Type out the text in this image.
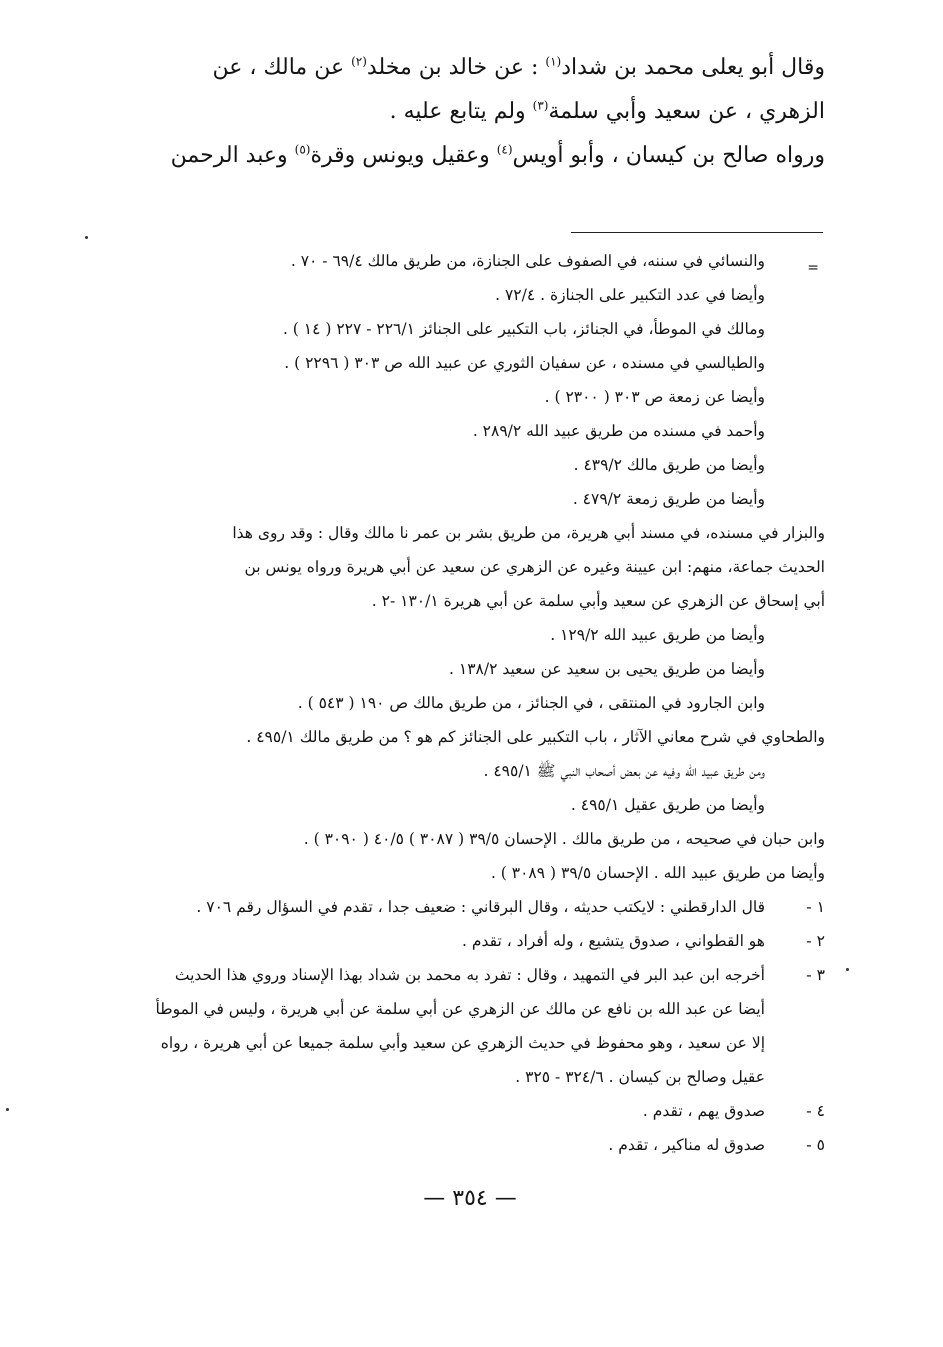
وقال أبو يعلى محمد بن شداد$^{(١)}$ : عن خالد بن مخلد$^{(٢)}$ عن مالك ، عن
الزهري ، عن سعيد وأبي سلمة$^{(٣)}$ ولم يتابع عليه .
ورواه صالح بن كيسان ، وأبو أويس$^{(٤)}$ وعقيل ويونس وقرة$^{(٥)}$ وعبد الرحمن
=
والنسائي في سننه، في الصفوف على الجنازة، من طريق مالك ٦٩/٤ - ٧٠ .
وأيضا في عدد التكبير على الجنازة . ٧٢/٤ .
ومالك في الموطأ، في الجنائز، باب التكبير على الجنائز ٢٢٦/١ - ٢٢٧ ( ١٤ ) .
والطيالسي في مسنده ، عن سفيان الثوري عن عبيد الله ص ٣٠٣ ( ٢٢٩٦ ) .
وأيضا عن زمعة ص ٣٠٣ ( ٢٣٠٠ ) .
وأحمد في مسنده من طريق عبيد الله ٢٨٩/٢ .
وأيضا من طريق مالك ٤٣٩/٢ .
وأيضا من طريق زمعة ٤٧٩/٢ .
والبزار في مسنده، في مسند أبي هريرة، من طريق بشر بن عمر نا مالك وقال : وقد روى هذا
الحديث جماعة، منهم: ابن عيينة وغيره عن الزهري عن سعيد عن أبي هريرة ورواه يونس بن
أبي إسحاق عن الزهري عن سعيد وأبي سلمة عن أبي هريرة ١٣٠/١ -٢ .
وأيضا من طريق عبيد الله ١٢٩/٢ .
وأيضا من طريق يحيى بن سعيد عن سعيد ١٣٨/٢ .
وابن الجارود في المنتقى ، في الجنائز ، من طريق مالك ص ١٩٠ ( ٥٤٣ ) .
والطحاوي في شرح معاني الآثار ، باب التكبير على الجنائز كم هو ؟ من طريق مالك ٤٩٥/١ .
ومن طريق عبيد الله وفيه عن بعض أصحاب النبي ﷺ ٤٩٥/١ .
وأيضا من طريق عقيل ٤٩٥/١ .
وابن حبان في صحيحه ، من طريق مالك . الإحسان ٣٩/٥ ( ٣٠٨٧ ) ٤٠/٥ ( ٣٠٩٠ ) .
وأيضا من طريق عبيد الله . الإحسان ٣٩/٥ ( ٣٠٨٩ ) .
١ -
قال الدارقطني : لايكتب حديثه ، وقال البرقاني : ضعيف جدا ، تقدم في السؤال رقم ٧٠٦ .
٢ -
هو القطواني ، صدوق يتشيع ، وله أفراد ، تقدم .
٣ -
أخرجه ابن عبد البر في التمهيد ، وقال : تفرد به محمد بن شداد بهذا الإسناد وروي هذا الحديث
أيضا عن عبد الله بن نافع عن مالك عن الزهري عن أبي سلمة عن أبي هريرة ، وليس في الموطأ
إلا عن سعيد ، وهو محفوظ في حديث الزهري عن سعيد وأبي سلمة جميعا عن أبي هريرة ، رواه
عقيل وصالح بن كيسان . ٣٢٤/٦ - ٣٢٥ .
٤ -
صدوق يهم ، تقدم .
٥ -
صدوق له مناكير ، تقدم .
— ٣٥٤ —
